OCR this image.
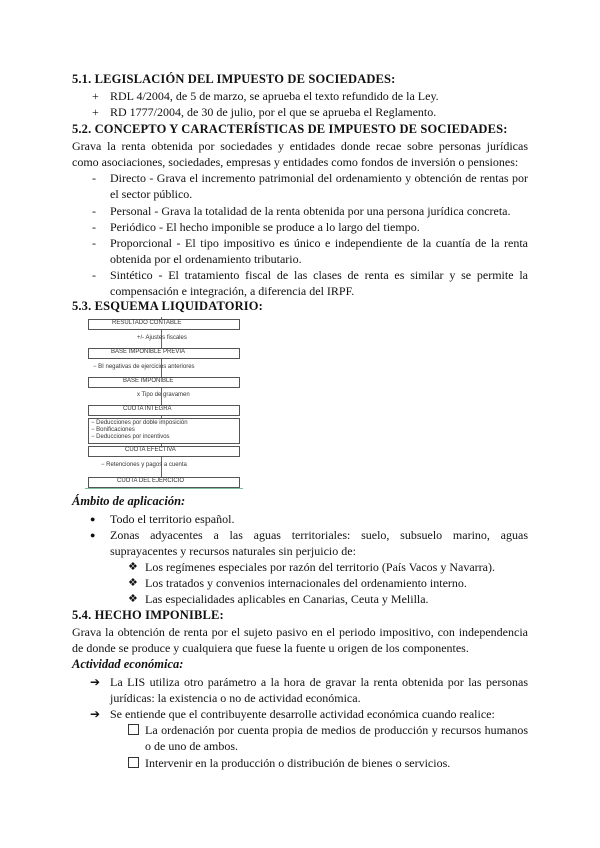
5.1. LEGISLACIÓN DEL IMPUESTO DE SOCIEDADES:
+ RDL 4/2004, de 5 de marzo, se aprueba el texto refundido de la Ley.
+ RD 1777/2004, de 30 de julio, por el que se aprueba el Reglamento.
5.2. CONCEPTO Y CARACTERÍSTICAS DE IMPUESTO DE SOCIEDADES:
Grava la renta obtenida por sociedades y entidades donde recae sobre personas jurídicas
como asociaciones, sociedades, empresas y entidades como fondos de inversión o pensiones:
- Directo - Grava el incremento patrimonial del ordenamiento y obtención de rentas por
el sector público.
- Personal - Grava la totalidad de la renta obtenida por una persona jurídica concreta.
- Periódico - El hecho imponible se produce a lo largo del tiempo.
- Proporcional - El tipo impositivo es único e independiente de la cuantía de la renta
obtenida por el ordenamiento tributario.
- Sintético - El tratamiento fiscal de las clases de renta es similar y se permite la
compensación e integración, a diferencia del IRPF.
5.3. ESQUEMA LIQUIDATORIO:
RESULTADO CONTABLE
+/- Ajustes fiscales
BASE IMPONIBLE PREVIA
− BI negativas de ejercicios anteriores
BASE IMPONIBLE
x Tipo de gravamen
CUOTA INTEGRA
− Deducciones por doble imposición
− Bonificaciones
− Deducciones por incentivos
CUOTA EFECTIVA
− Retenciones y pagos a cuenta
CUOTA DEL EJERCICIO
Ámbito de aplicación:
● Todo el territorio español.
● Zonas adyacentes a las aguas territoriales: suelo, subsuelo marino, aguas
suprayacentes y recursos naturales sin perjuicio de:
❖ Los regímenes especiales por razón del territorio (País Vacos y Navarra).
❖ Los tratados y convenios internacionales del ordenamiento interno.
❖ Las especialidades aplicables en Canarias, Ceuta y Melilla.
5.4. HECHO IMPONIBLE:
Grava la obtención de renta por el sujeto pasivo en el periodo impositivo, con independencia
de donde se produce y cualquiera que fuese la fuente u origen de los componentes.
Actividad económica:
➔ La LIS utiliza otro parámetro a la hora de gravar la renta obtenida por las personas
jurídicas: la existencia o no de actividad económica.
➔ Se entiende que el contribuyente desarrolle actividad económica cuando realice:
La ordenación por cuenta propia de medios de producción y recursos humanos
o de uno de ambos.
Intervenir en la producción o distribución de bienes o servicios.
